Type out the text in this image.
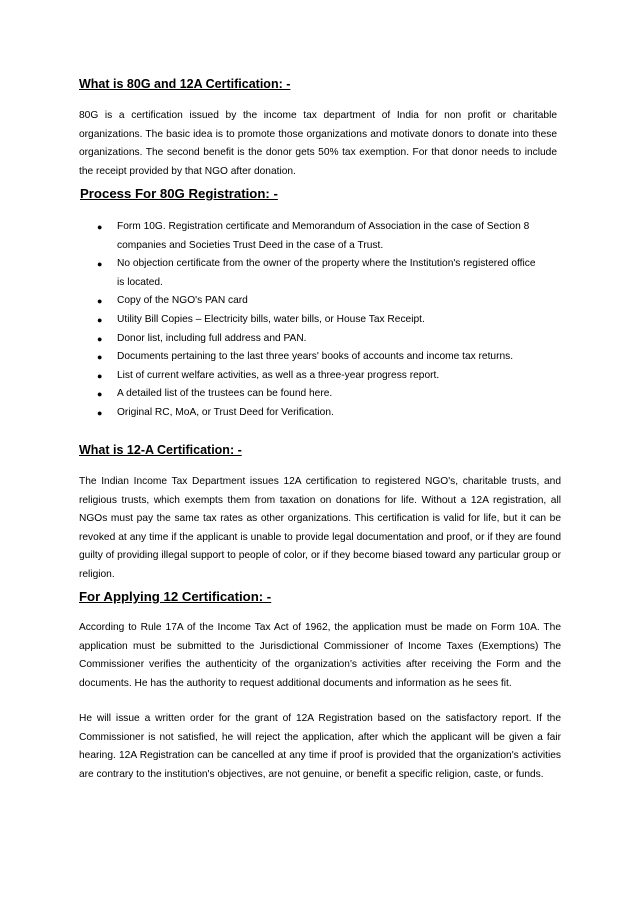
What is 80G and 12A Certification: -

80G is a certification issued by the income tax department of India for non profit or charitable organizations. The basic idea is to promote those organizations and motivate donors to donate into these organizations. The second benefit is the donor gets 50% tax exemption. For that donor needs to include the receipt provided by that NGO after donation.

Process For 80G Registration: -

● Form 10G. Registration certificate and Memorandum of Association in the case of Section 8 companies and Societies Trust Deed in the case of a Trust.
● No objection certificate from the owner of the property where the Institution's registered office is located.
● Copy of the NGO's PAN card
● Utility Bill Copies – Electricity bills, water bills, or House Tax Receipt.
● Donor list, including full address and PAN.
● Documents pertaining to the last three years' books of accounts and income tax returns.
● List of current welfare activities, as well as a three-year progress report.
● A detailed list of the trustees can be found here.
● Original RC, MoA, or Trust Deed for Verification.

What is 12-A Certification: -

The Indian Income Tax Department issues 12A certification to registered NGO's, charitable trusts, and religious trusts, which exempts them from taxation on donations for life. Without a 12A registration, all NGOs must pay the same tax rates as other organizations. This certification is valid for life, but it can be revoked at any time if the applicant is unable to provide legal documentation and proof, or if they are found guilty of providing illegal support to people of color, or if they become biased toward any particular group or religion.

For Applying 12 Certification: -

According to Rule 17A of the Income Tax Act of 1962, the application must be made on Form 10A. The application must be submitted to the Jurisdictional Commissioner of Income Taxes (Exemptions) The Commissioner verifies the authenticity of the organization's activities after receiving the Form and the documents. He has the authority to request additional documents and information as he sees fit.

He will issue a written order for the grant of 12A Registration based on the satisfactory report. If the Commissioner is not satisfied, he will reject the application, after which the applicant will be given a fair hearing. 12A Registration can be cancelled at any time if proof is provided that the organization's activities are contrary to the institution's objectives, are not genuine, or benefit a specific religion, caste, or funds.
